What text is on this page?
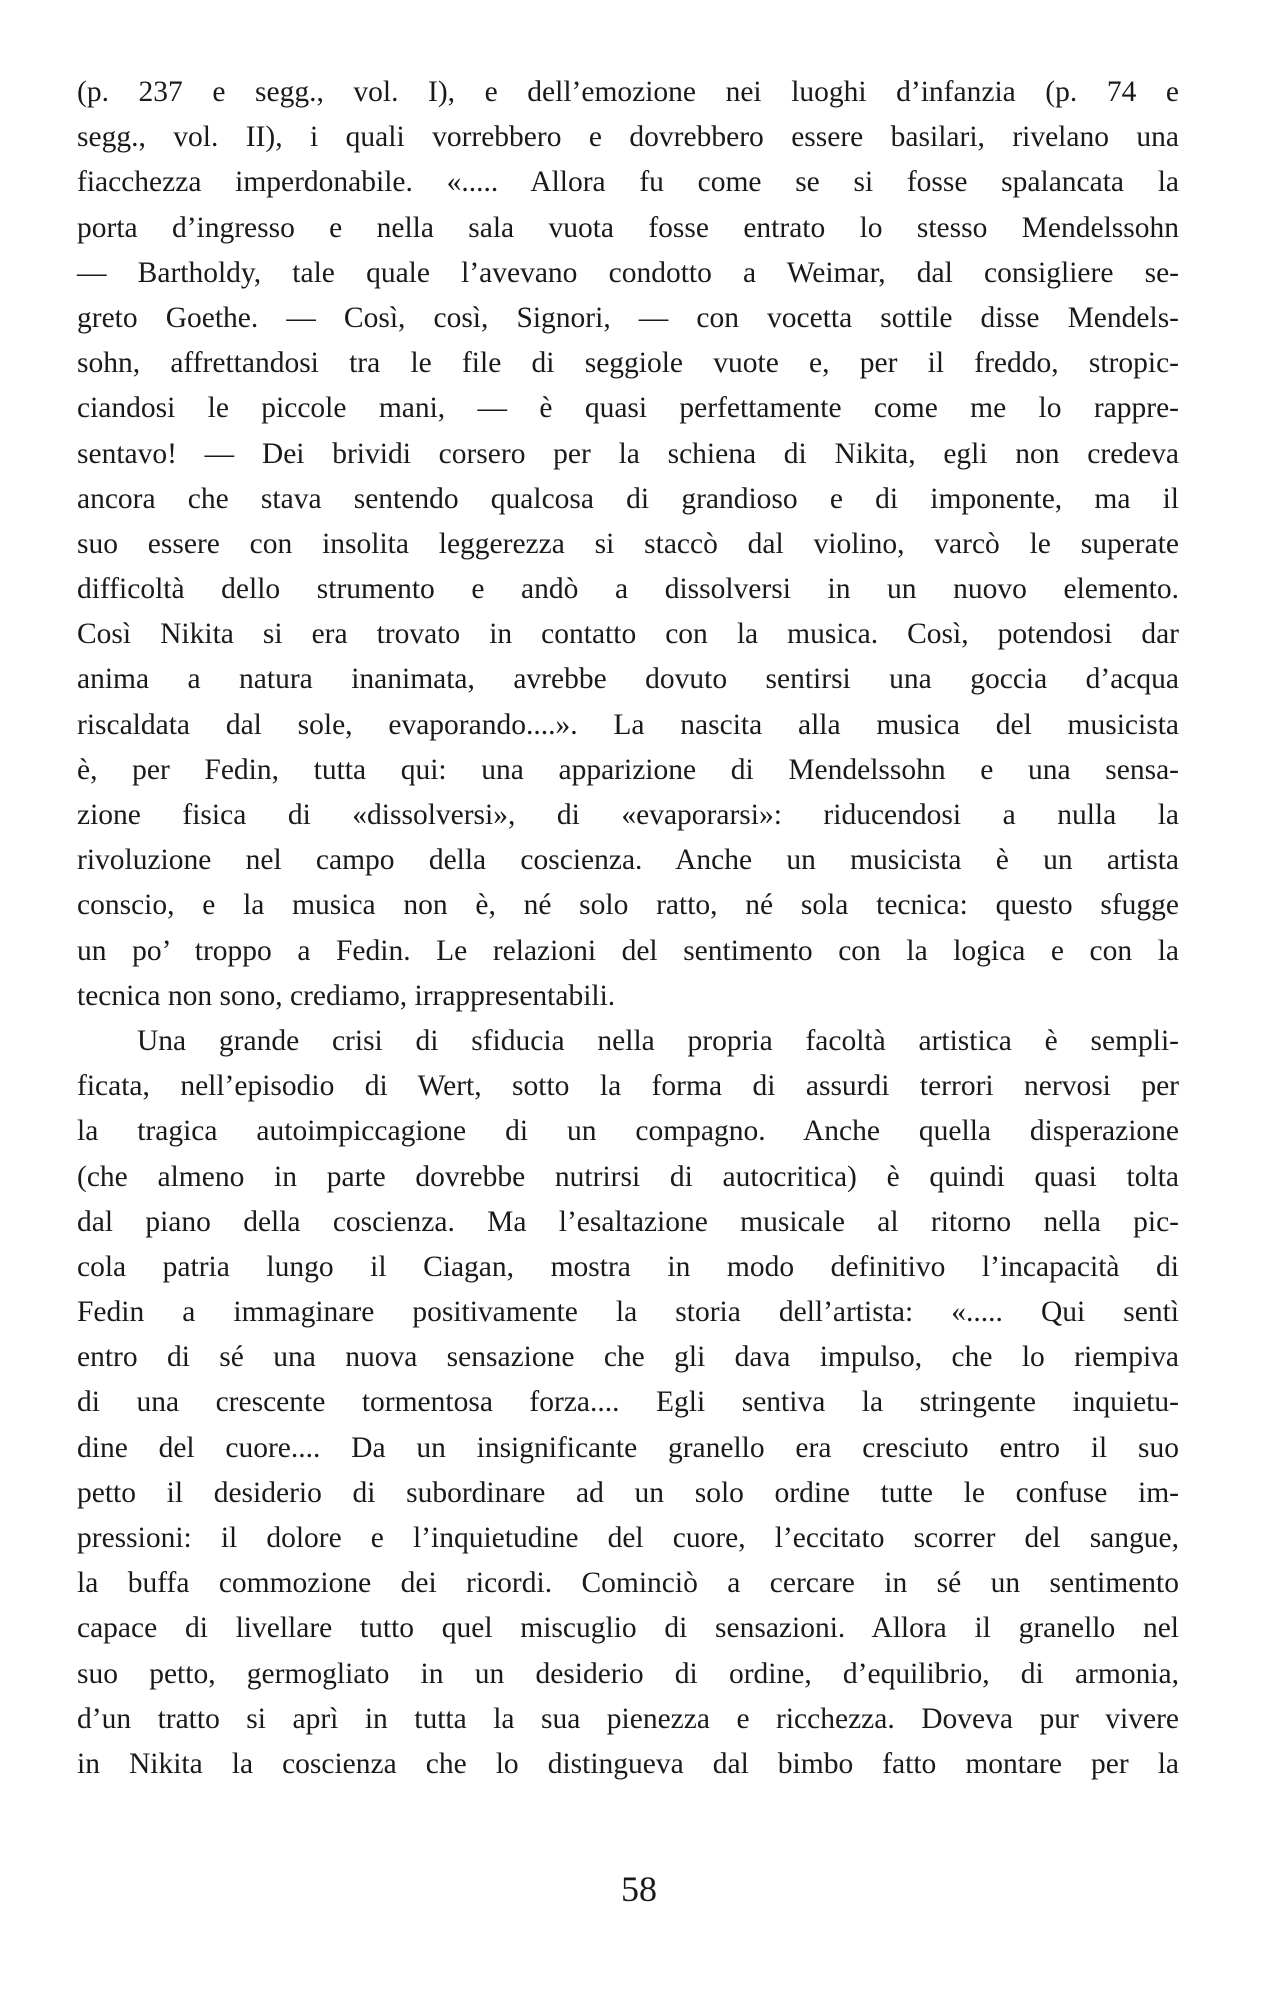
(p. 237 e segg., vol. I), e dell’emozione nei luoghi d’infanzia (p. 74 e
segg., vol. II), i quali vorrebbero e dovrebbero essere basilari, rivelano una
fiacchezza imperdonabile. «..... Allora fu come se si fosse spalancata la
porta d’ingresso e nella sala vuota fosse entrato lo stesso Mendelssohn
— Bartholdy, tale quale l’avevano condotto a Weimar, dal consigliere se-
greto Goethe. — Così, così, Signori, — con vocetta sottile disse Mendels-
sohn, affrettandosi tra le file di seggiole vuote e, per il freddo, stropic-
ciandosi le piccole mani, — è quasi perfettamente come me lo rappre-
sentavo! — Dei brividi corsero per la schiena di Nikita, egli non credeva
ancora che stava sentendo qualcosa di grandioso e di imponente, ma il
suo essere con insolita leggerezza si staccò dal violino, varcò le superate
difficoltà dello strumento e andò a dissolversi in un nuovo elemento.
Così Nikita si era trovato in contatto con la musica. Così, potendosi dar
anima a natura inanimata, avrebbe dovuto sentirsi una goccia d’acqua
riscaldata dal sole, evaporando....». La nascita alla musica del musicista
è, per Fedin, tutta qui: una apparizione di Mendelssohn e una sensa-
zione fisica di «dissolversi», di «evaporarsi»: riducendosi a nulla la
rivoluzione nel campo della coscienza. Anche un musicista è un artista
conscio, e la musica non è, né solo ratto, né sola tecnica: questo sfugge
un po’ troppo a Fedin. Le relazioni del sentimento con la logica e con la
tecnica non sono, crediamo, irrappresentabili.
Una grande crisi di sfiducia nella propria facoltà artistica è sempli-
ficata, nell’episodio di Wert, sotto la forma di assurdi terrori nervosi per
la tragica autoimpiccagione di un compagno. Anche quella disperazione
(che almeno in parte dovrebbe nutrirsi di autocritica) è quindi quasi tolta
dal piano della coscienza. Ma l’esaltazione musicale al ritorno nella pic-
cola patria lungo il Ciagan, mostra in modo definitivo l’incapacità di
Fedin a immaginare positivamente la storia dell’artista: «..... Qui sentì
entro di sé una nuova sensazione che gli dava impulso, che lo riempiva
di una crescente tormentosa forza.... Egli sentiva la stringente inquietu-
dine del cuore.... Da un insignificante granello era cresciuto entro il suo
petto il desiderio di subordinare ad un solo ordine tutte le confuse im-
pressioni: il dolore e l’inquietudine del cuore, l’eccitato scorrer del sangue,
la buffa commozione dei ricordi. Cominciò a cercare in sé un sentimento
capace di livellare tutto quel miscuglio di sensazioni. Allora il granello nel
suo petto, germogliato in un desiderio di ordine, d’equilibrio, di armonia,
d’un tratto si aprì in tutta la sua pienezza e ricchezza. Doveva pur vivere
in Nikita la coscienza che lo distingueva dal bimbo fatto montare per la
58
